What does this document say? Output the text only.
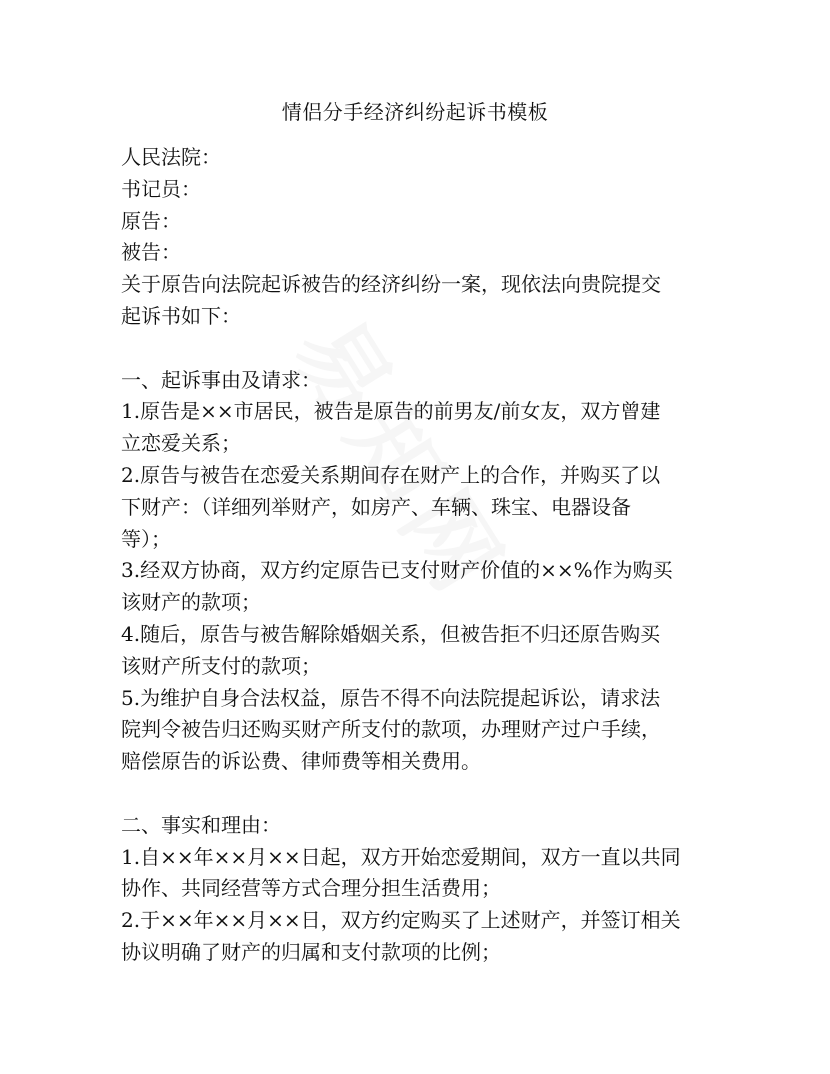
情侣分手经济纠纷起诉书模板
人民法院：
书记员：
原告：
被告：
关于原告向法院起诉被告的经济纠纷一案，现依法向贵院提交
起诉书如下：
一、起诉事由及请求：
1.原告是××市居民，被告是原告的前男友/前女友，双方曾建
立恋爱关系；
2.原告与被告在恋爱关系期间存在财产上的合作，并购买了以
下财产：（详细列举财产，如房产、车辆、珠宝、电器设备
等）；
3.经双方协商，双方约定原告已支付财产价值的××%作为购买
该财产的款项；
4.随后，原告与被告解除婚姻关系，但被告拒不归还原告购买
该财产所支付的款项；
5.为维护自身合法权益，原告不得不向法院提起诉讼，请求法
院判令被告归还购买财产所支付的款项，办理财产过户手续，
赔偿原告的诉讼费、律师费等相关费用。
二、事实和理由：
1.自××年××月××日起，双方开始恋爱期间，双方一直以共同
协作、共同经营等方式合理分担生活费用；
2.于××年××月××日，双方约定购买了上述财产，并签订相关
协议明确了财产的归属和支付款项的比例；
